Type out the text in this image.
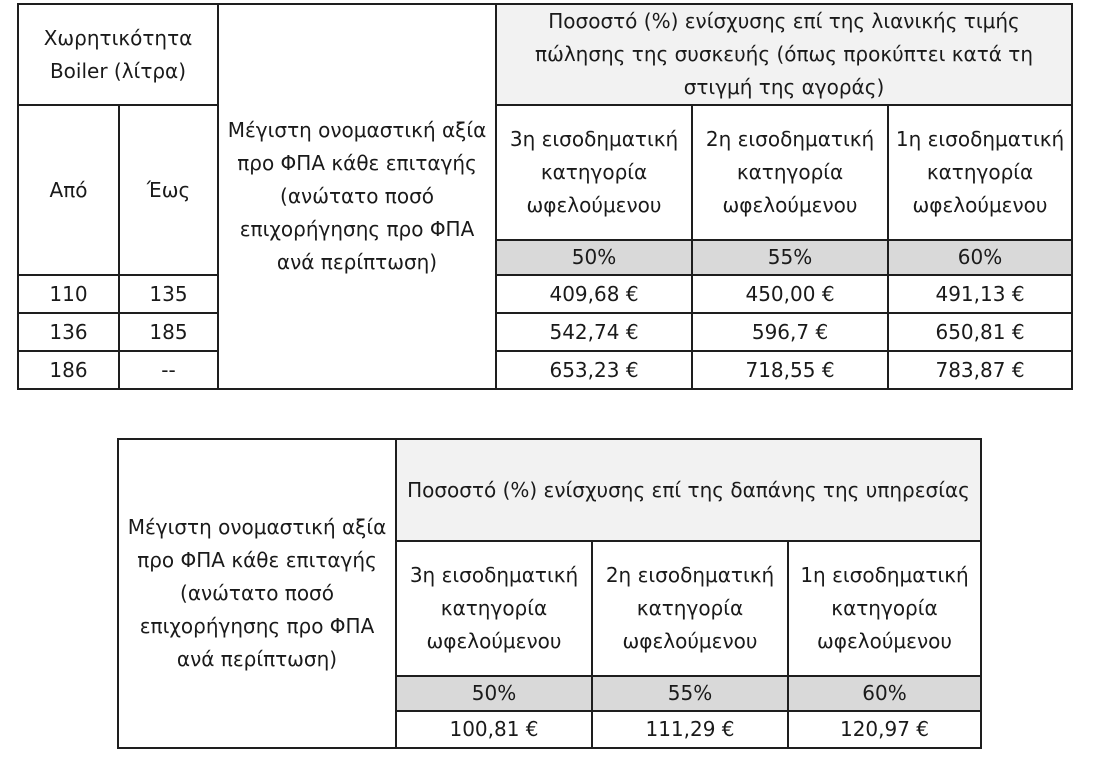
Χωρητικότητα Boiler (λίτρα)		Μέγιστη ονομαστική αξία προ ΦΠΑ κάθε επιταγής (ανώτατο ποσό επιχορήγησης προ ΦΠΑ ανά περίπτωση)	Ποσοστό (%) ενίσχυσης επί της λιανικής τιμής πώλησης της συσκευής (όπως προκύπτει κατά τη στιγμή της αγοράς)		
Από	Έως		3η εισοδηματική κατηγορία ωφελούμενου	2η εισοδηματική κατηγορία ωφελούμενου	1η εισοδηματική κατηγορία ωφελούμενου
			50%	55%	60%
110	135		409,68 €	450,00 €	491,13 €
136	185		542,74 €	596,7 €	650,81 €
186	--		653,23 €	718,55 €	783,87 €
Μέγιστη ονομαστική αξία προ ΦΠΑ κάθε επιταγής (ανώτατο ποσό επιχορήγησης προ ΦΠΑ ανά περίπτωση)	Ποσοστό (%) ενίσχυσης επί της δαπάνης της υπηρεσίας		
	3η εισοδηματική κατηγορία ωφελούμενου	2η εισοδηματική κατηγορία ωφελούμενου	1η εισοδηματική κατηγορία ωφελούμενου
	50%	55%	60%
	100,81 €	111,29 €	120,97 €
